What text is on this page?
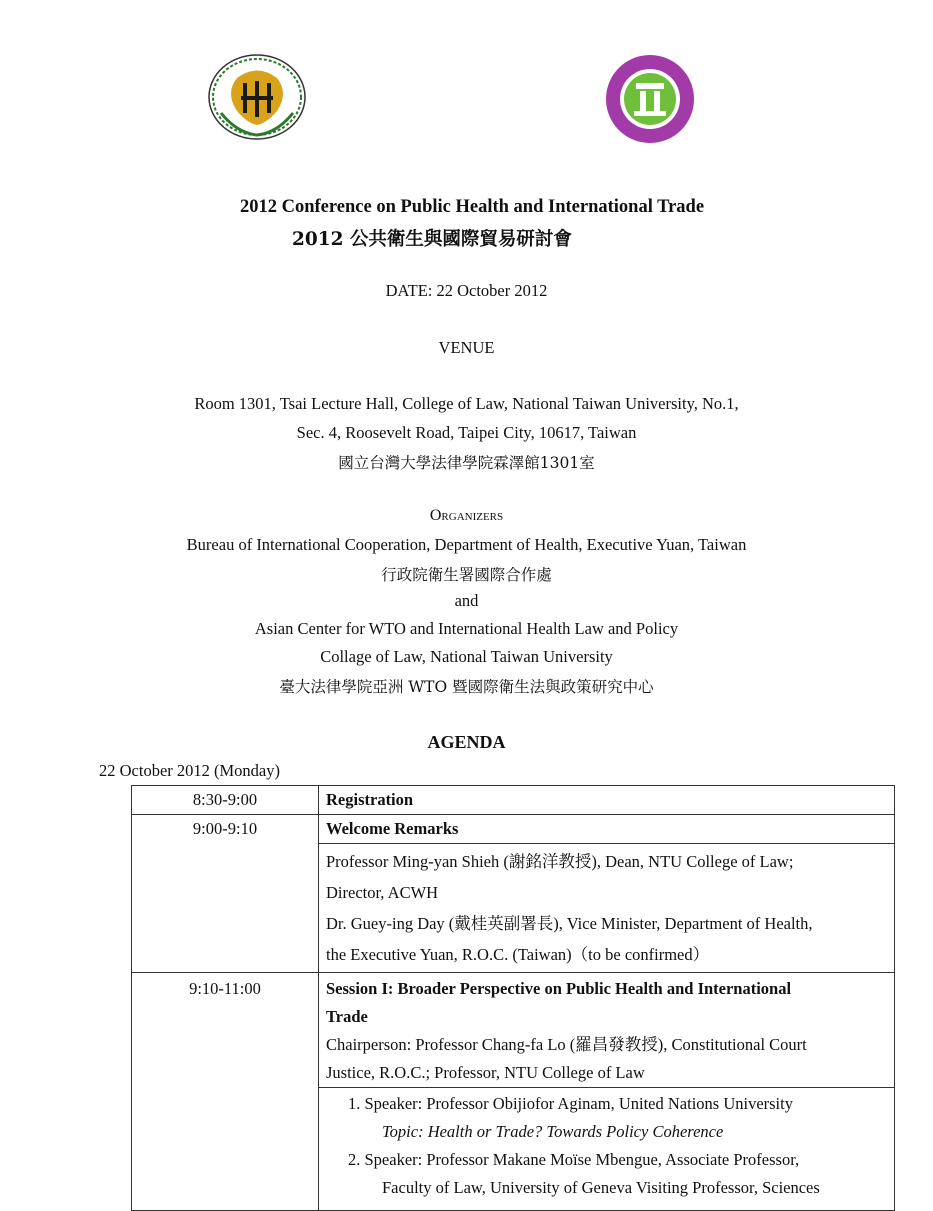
2012 Conference on Public Health and International Trade
2012 公共衛生與國際貿易研討會
DATE: 22 October 2012
VENUE
Room 1301, Tsai Lecture Hall, College of Law, National Taiwan University, No.1,
Sec. 4, Roosevelt Road, Taipei City, 10617, Taiwan
國立台灣大學法律學院霖澤館1301室
Organizers
Bureau of International Cooperation, Department of Health, Executive Yuan, Taiwan
行政院衛生署國際合作處
and
Asian Center for WTO and International Health Law and Policy
Collage of Law, National Taiwan University
臺大法律學院亞洲 WTO 暨國際衛生法與政策研究中心
AGENDA
22 October 2012 (Monday)
8:30-9:00	Registration
9:00-9:10	Welcome Remarks

	Professor Ming-yan Shieh (謝銘洋教授), Dean, NTU College of Law;
Director, ACWH
Dr. Guey-ing Day (戴桂英副署長), Vice Minister, Department of Health,
the Executive Yuan, R.O.C. (Taiwan)（to be confirmed）

9:10-11:00	Session I: Broader Perspective on Public Health and International
Trade
Chairperson: Professor Chang-fa Lo (羅昌發教授), Constitutional Court
Justice, R.O.C.; Professor, NTU College of Law

	1. Speaker: Professor Obijiofor Aginam, United Nations University
Topic: Health or Trade? Towards Policy Coherence
2. Speaker: Professor Makane Moïse Mbengue, Associate Professor,
Faculty of Law, University of Geneva Visiting Professor, Sciences
